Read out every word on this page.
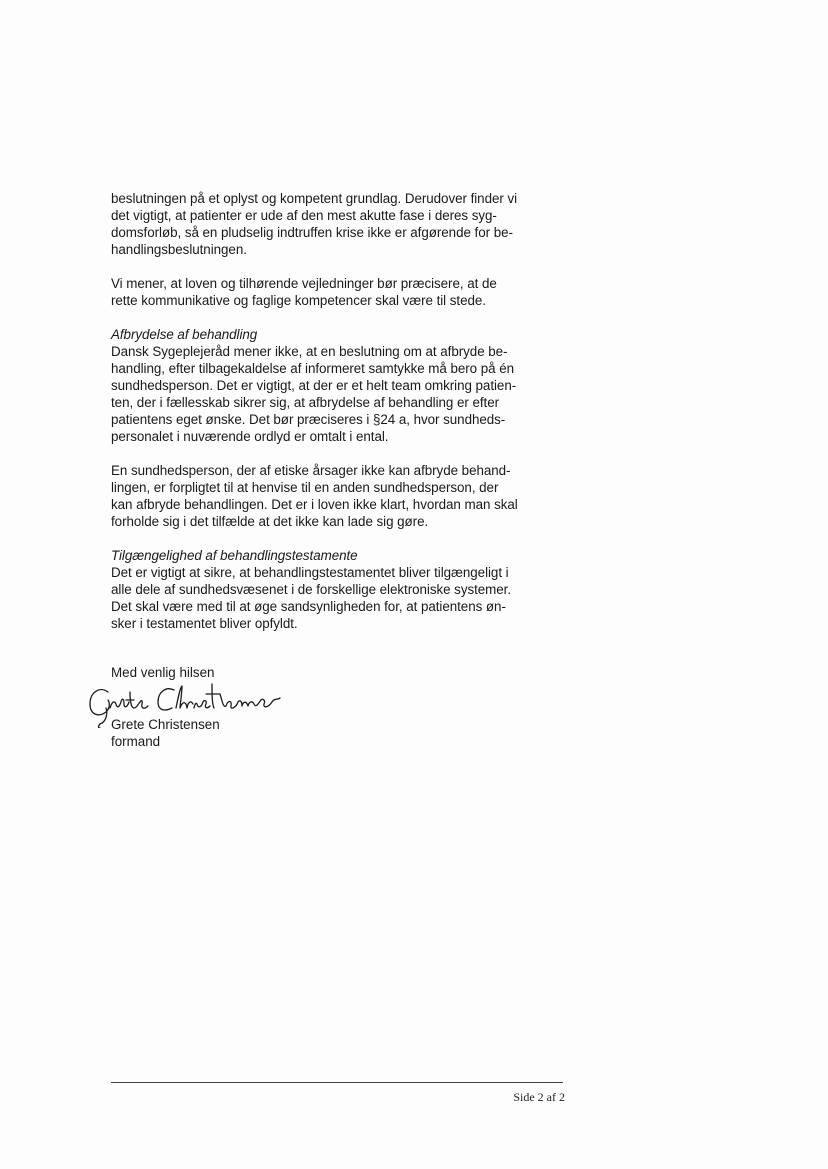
beslutningen på et oplyst og kompetent grundlag. Derudover finder vi
det vigtigt, at patienter er ude af den mest akutte fase i deres syg-
domsforløb, så en pludselig indtruffen krise ikke er afgørende for be-
handlingsbeslutningen.
Vi mener, at loven og tilhørende vejledninger bør præcisere, at de
rette kommunikative og faglige kompetencer skal være til stede.
Afbrydelse af behandling
Dansk Sygeplejeråd mener ikke, at en beslutning om at afbryde be-
handling, efter tilbagekaldelse af informeret samtykke må bero på én
sundhedsperson. Det er vigtigt, at der er et helt team omkring patien-
ten, der i fællesskab sikrer sig, at afbrydelse af behandling er efter
patientens eget ønske. Det bør præciseres i §24 a, hvor sundheds-
personalet i nuværende ordlyd er omtalt i ental.
En sundhedsperson, der af etiske årsager ikke kan afbryde behand-
lingen, er forpligtet til at henvise til en anden sundhedsperson, der
kan afbryde behandlingen. Det er i loven ikke klart, hvordan man skal
forholde sig i det tilfælde at det ikke kan lade sig gøre.
Tilgængelighed af behandlingstestamente
Det er vigtigt at sikre, at behandlingstestamentet bliver tilgængeligt i
alle dele af sundhedsvæsenet i de forskellige elektroniske systemer.
Det skal være med til at øge sandsynligheden for, at patientens øn-
sker i testamentet bliver opfyldt.
Med venlig hilsen
Grete Christensen
formand
Side 2 af 2
